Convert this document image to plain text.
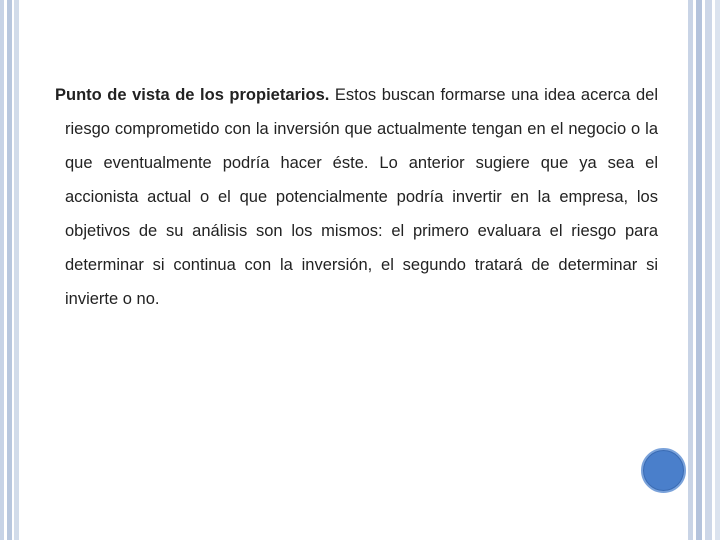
Punto de vista de los propietarios. Estos buscan formarse una idea acerca del riesgo comprometido con la inversión que actualmente tengan en el negocio o la que eventualmente podría hacer éste. Lo anterior sugiere que ya sea el accionista actual o el que potencialmente podría invertir en la empresa, los objetivos de su análisis son los mismos: el primero evaluara el riesgo para determinar si continua con la inversión, el segundo tratará de determinar si invierte o no.
